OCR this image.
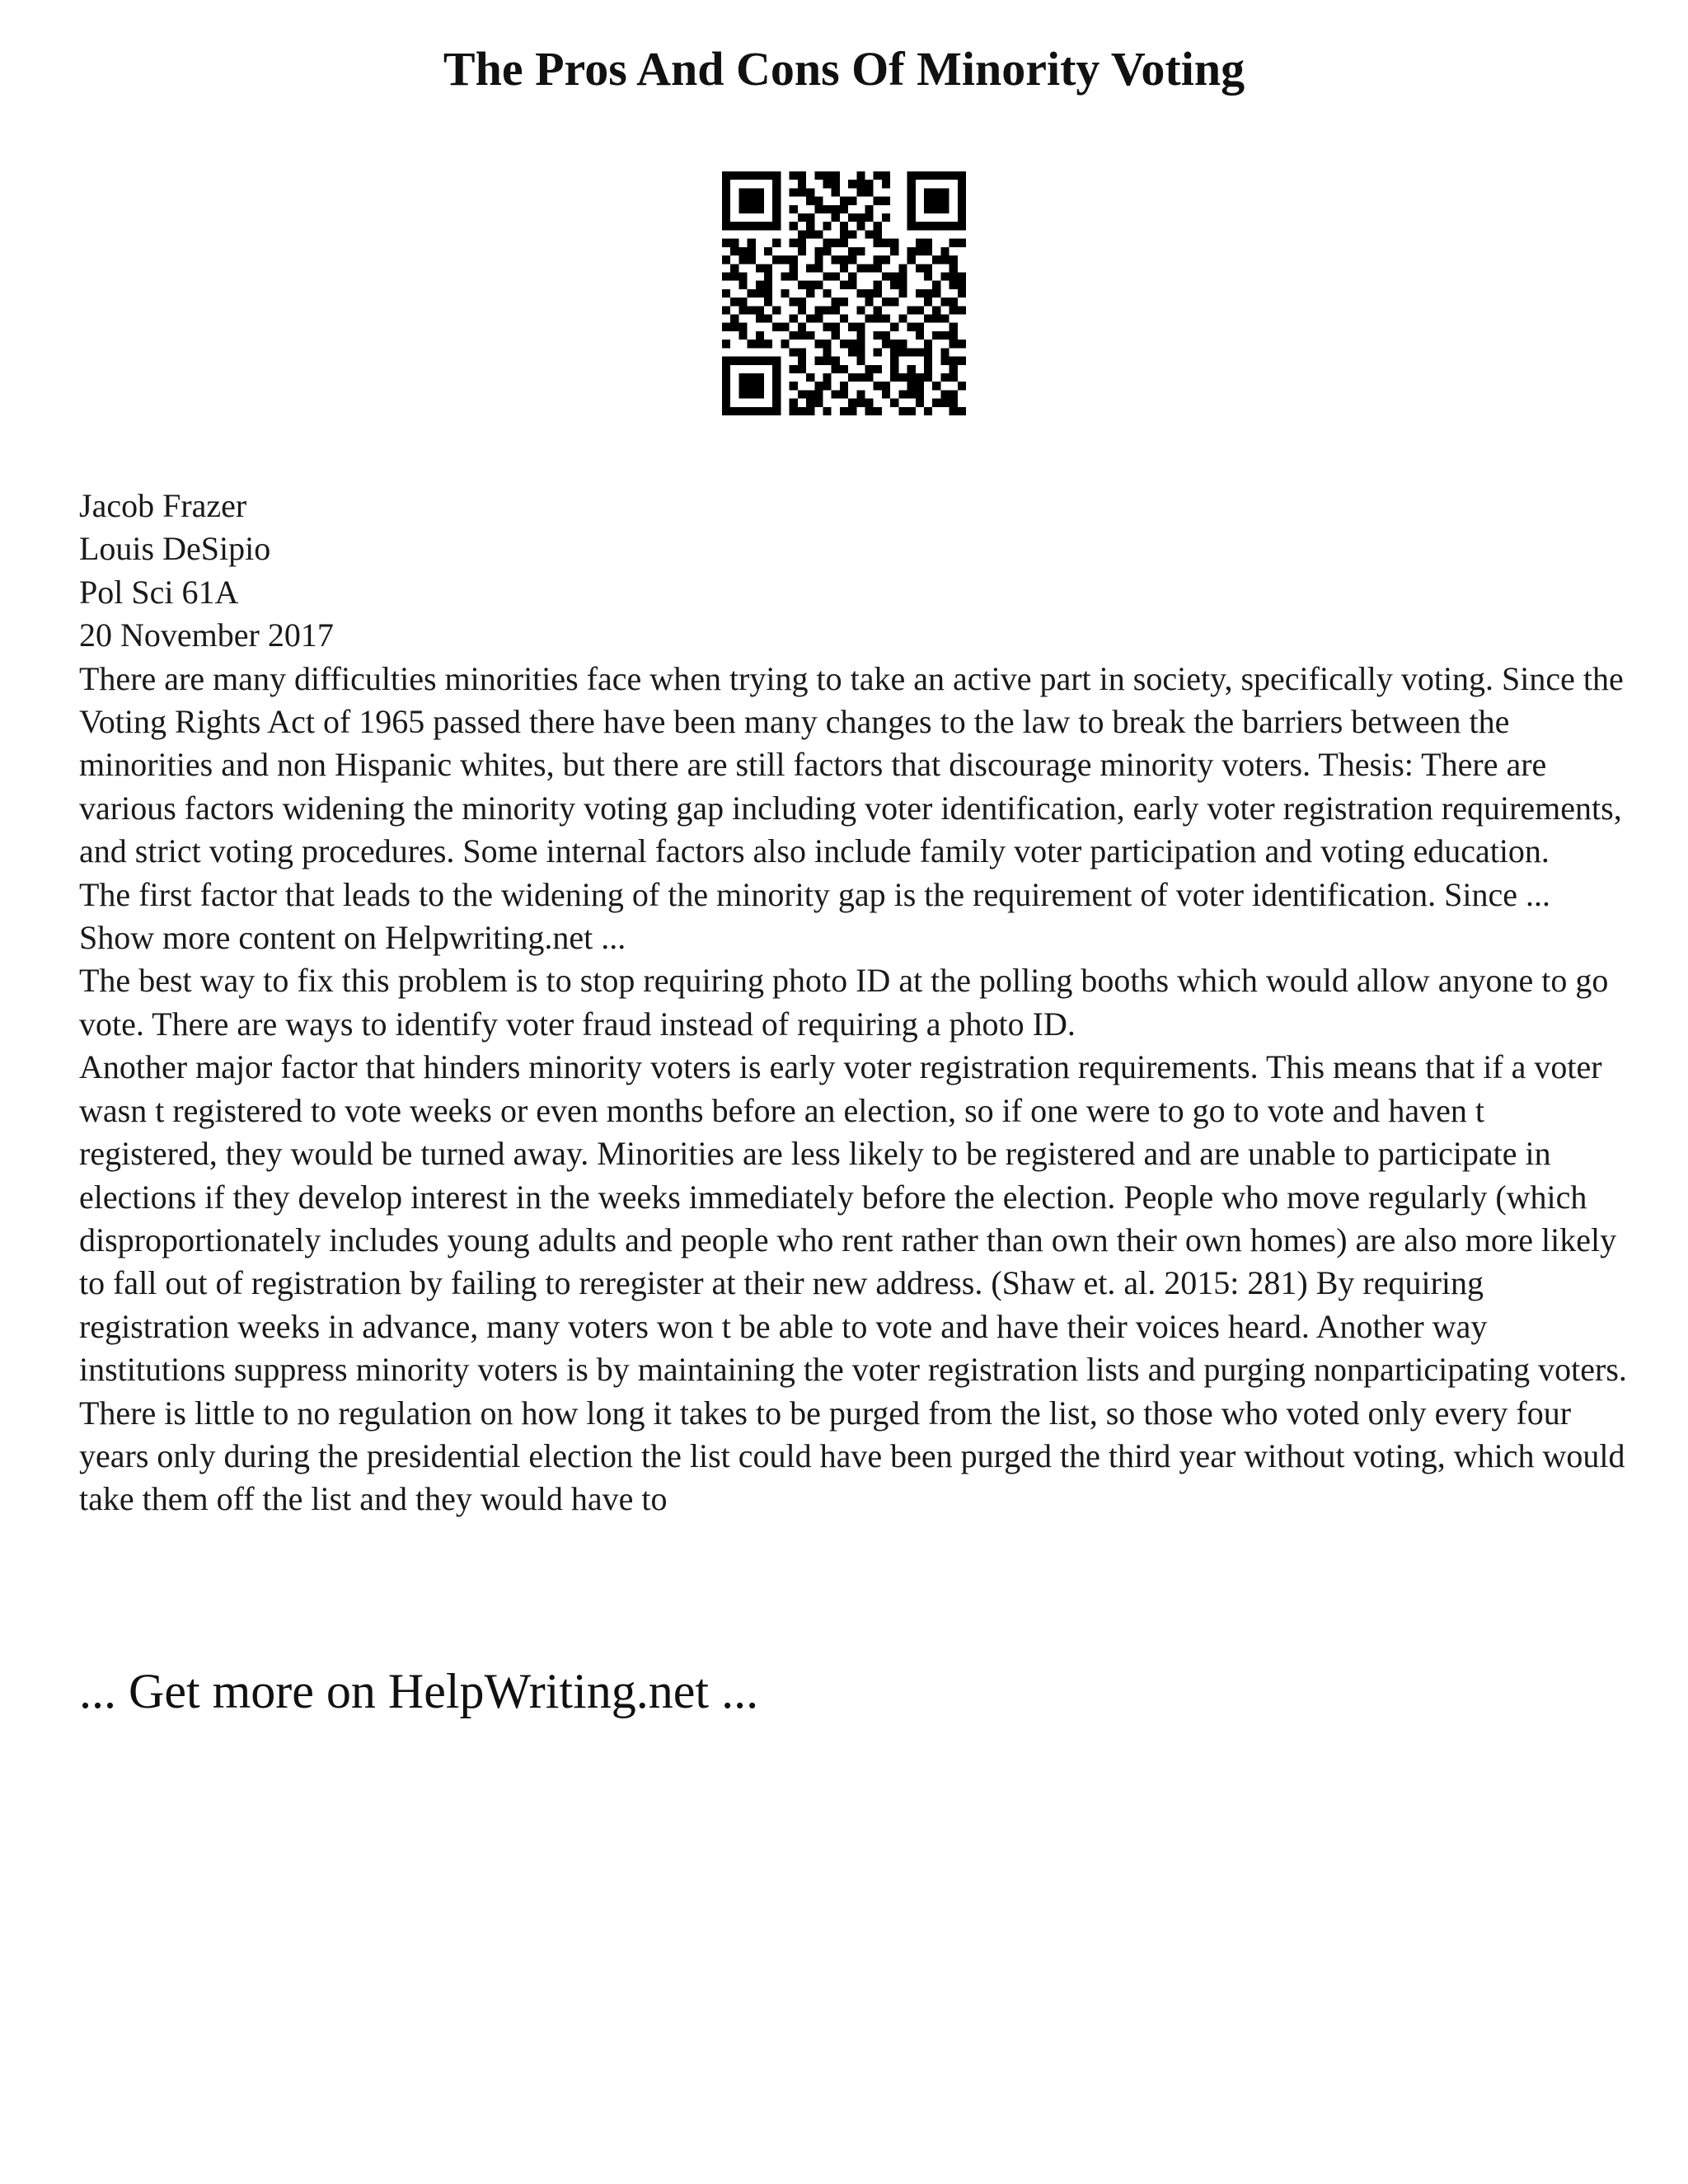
The Pros And Cons Of Minority Voting

Jacob Frazer

Louis DeSipio

Pol Sci 61A

20 November 2017

There are many difficulties minorities face when trying to take an active part in society, specifically voting. Since the Voting Rights Act of 1965 passed there have been many changes to the law to break the barriers between the minorities and non Hispanic whites, but there are still factors that discourage minority voters. Thesis: There are various factors widening the minority voting gap including voter identification, early voter registration requirements, and strict voting procedures. Some internal factors also include family voter participation and voting education.

The first factor that leads to the widening of the minority gap is the requirement of voter identification. Since ... Show more content on Helpwriting.net ...

The best way to fix this problem is to stop requiring photo ID at the polling booths which would allow anyone to go vote. There are ways to identify voter fraud instead of requiring a photo ID.

Another major factor that hinders minority voters is early voter registration requirements. This means that if a voter wasn t registered to vote weeks or even months before an election, so if one were to go to vote and haven t registered, they would be turned away. Minorities are less likely to be registered and are unable to participate in elections if they develop interest in the weeks immediately before the election. People who move regularly (which disproportionately includes young adults and people who rent rather than own their own homes) are also more likely to fall out of registration by failing to reregister at their new address. (Shaw et. al. 2015: 281) By requiring registration weeks in advance, many voters won t be able to vote and have their voices heard. Another way institutions suppress minority voters is by maintaining the voter registration lists and purging nonparticipating voters. There is little to no regulation on how long it takes to be purged from the list, so those who voted only every four years only during the presidential election the list could have been purged the third year without voting, which would take them off the list and they would have to

... Get more on HelpWriting.net ...
